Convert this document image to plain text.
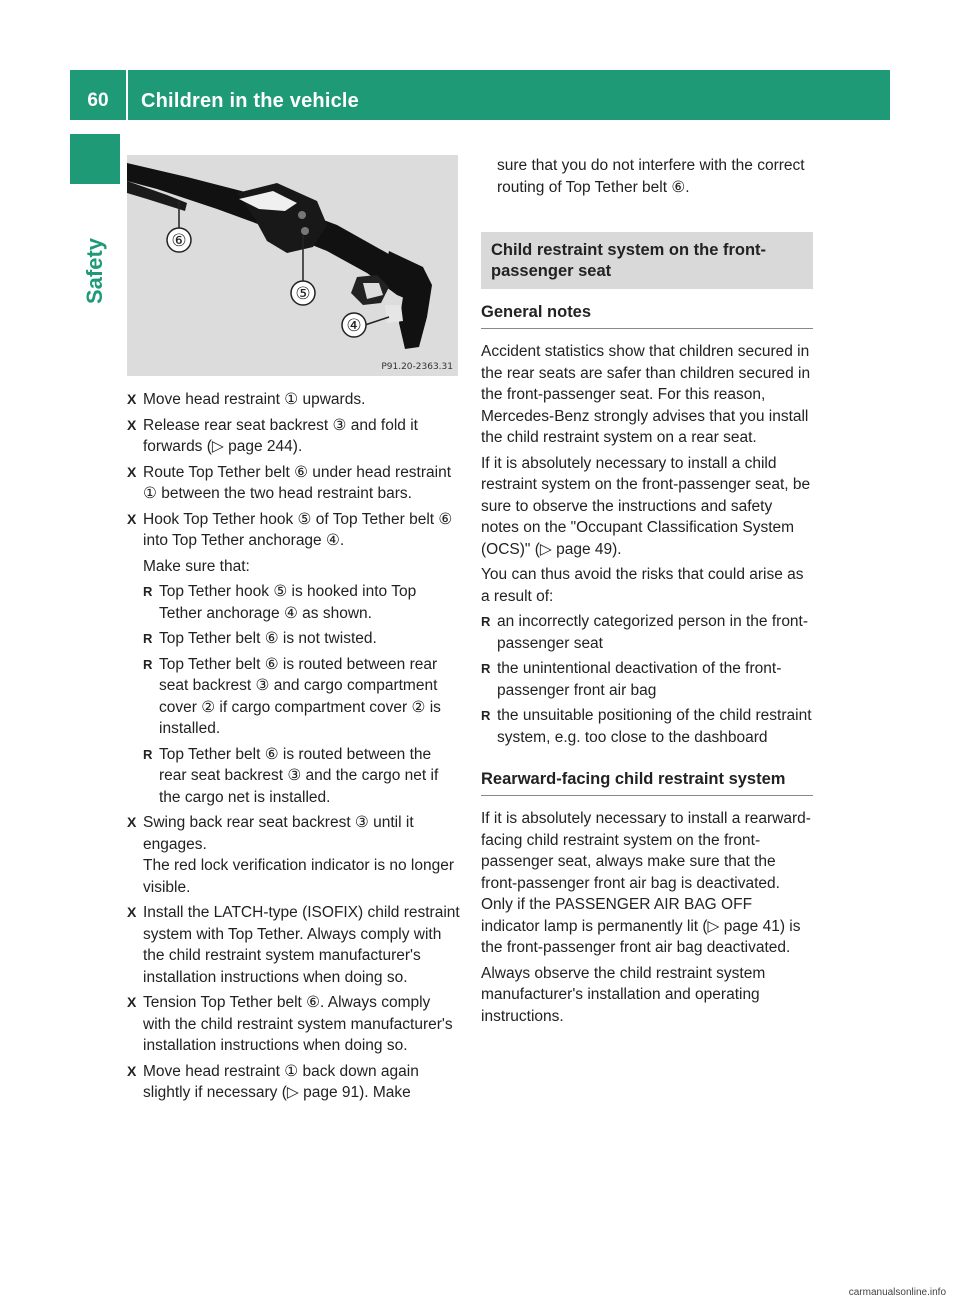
60	Children in the vehicle
Safety	⑥
⑤
④
P91.20-2363.31
X Move head restraint ① upwards.
X Release rear seat backrest ③ and fold it forwards (▷ page 244).
X Route Top Tether belt ⑥ under head restraint ① between the two head restraint bars.
X Hook Top Tether hook ⑤ of Top Tether belt ⑥ into Top Tether anchorage ④.
Make sure that:
R Top Tether hook ⑤ is hooked into Top Tether anchorage ④ as shown.
R Top Tether belt ⑥ is not twisted.
R Top Tether belt ⑥ is routed between rear seat backrest ③ and cargo compartment cover ② if cargo compartment cover ② is installed.
R Top Tether belt ⑥ is routed between the rear seat backrest ③ and the cargo net if the cargo net is installed.
X Swing back rear seat backrest ③ until it engages.
The red lock verification indicator is no longer visible.
X Install the LATCH-type (ISOFIX) child restraint system with Top Tether. Always comply with the child restraint system manufacturer's installation instructions when doing so.
X Tension Top Tether belt ⑥. Always comply with the child restraint system manufacturer's installation instructions when doing so.
X Move head restraint ① back down again slightly if necessary (▷ page 91). Make
sure that you do not interfere with the correct routing of Top Tether belt ⑥.
Child restraint system on the front-passenger seat
General notes
Accident statistics show that children secured in the rear seats are safer than children secured in the front-passenger seat. For this reason, Mercedes-Benz strongly advises that you install the child restraint system on a rear seat.
If it is absolutely necessary to install a child restraint system on the front-passenger seat, be sure to observe the instructions and safety notes on the "Occupant Classification System (OCS)" (▷ page 49).
You can thus avoid the risks that could arise as a result of:
R an incorrectly categorized person in the front-passenger seat
R the unintentional deactivation of the front-passenger front air bag
R the unsuitable positioning of the child restraint system, e.g. too close to the dashboard
Rearward-facing child restraint system
If it is absolutely necessary to install a rearward-facing child restraint system on the front-passenger seat, always make sure that the front-passenger front air bag is deactivated. Only if the PASSENGER AIR BAG OFF indicator lamp is permanently lit (▷ page 41) is the front-passenger front air bag deactivated.
Always observe the child restraint system manufacturer's installation and operating instructions.
carmanualsonline.info
